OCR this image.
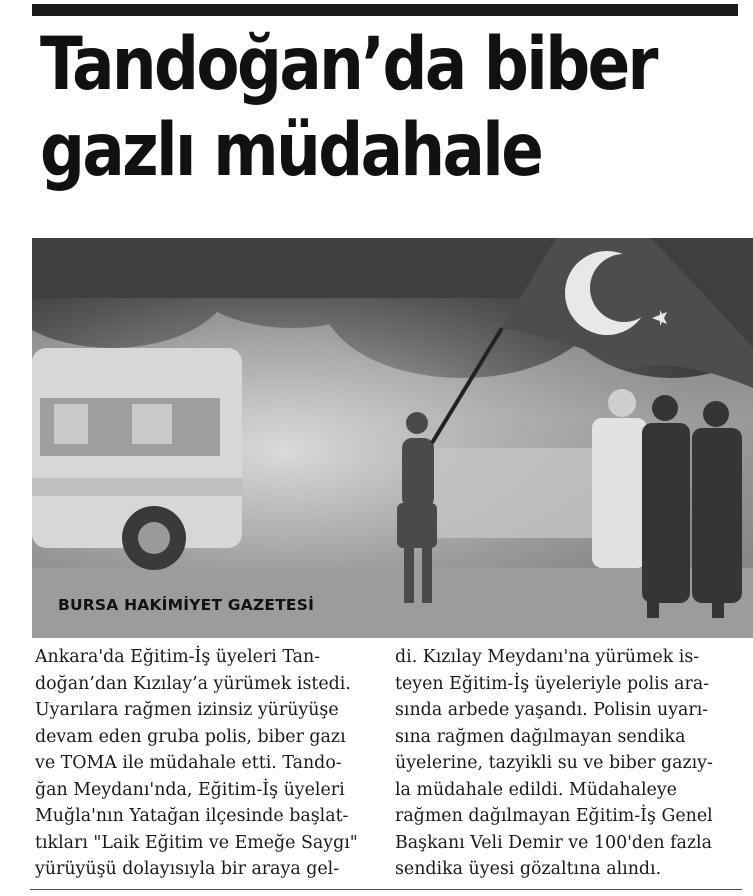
Tandoğan’da biber
gazlı müdahale
BURSA HAKİMİYET GAZETESİ

Ankara'da Eğitim-İş üyeleri Tan-
doğan’dan Kızılay’a yürümek istedi.
Uyarılara rağmen izinsiz yürüyüşe
devam eden gruba polis, biber gazı
ve TOMA ile müdahale etti. Tando-
ğan Meydanı'nda, Eğitim-İş üyeleri
Muğla'nın Yatağan ilçesinde başlat-
tıkları "Laik Eğitim ve Emeğe Saygı"
yürüyüşü dolayısıyla bir araya gel-

di. Kızılay Meydanı'na yürümek is-
teyen Eğitim-İş üyeleriyle polis ara-
sında arbede yaşandı. Polisin uyarı-
sına rağmen dağılmayan sendika
üyelerine, tazyikli su ve biber gazıy-
la müdahale edildi. Müdahaleye
rağmen dağılmayan Eğitim-İş Genel
Başkanı Veli Demir ve 100'den fazla
sendika üyesi gözaltına alındı.
